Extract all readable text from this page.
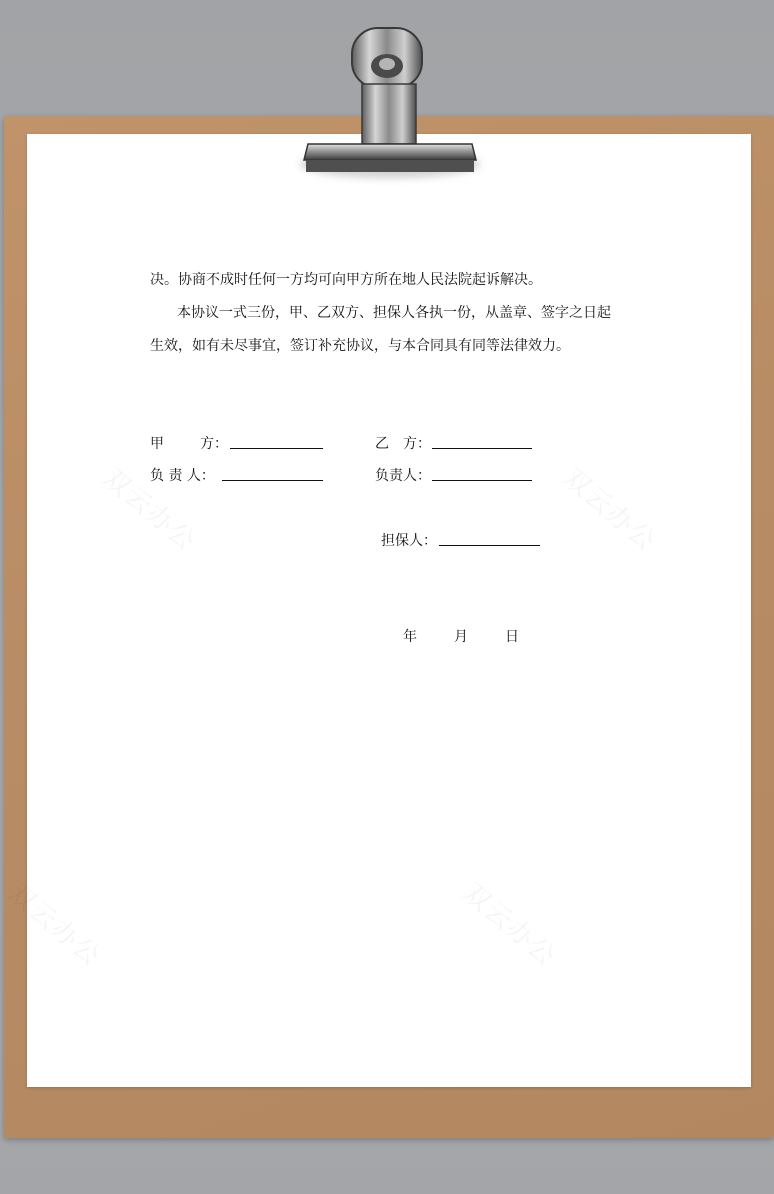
决。协商不成时任何一方均可向甲方所在地人民法院起诉解决。
本协议一式三份，甲、乙双方、担保人各执一份，从盖章、签字之日起
生效，如有未尽事宜，签订补充协议，与本合同具有同等法律效力。
甲	方：	乙 方：
负 责 人：	负责人：
担保人：
年	月	日
